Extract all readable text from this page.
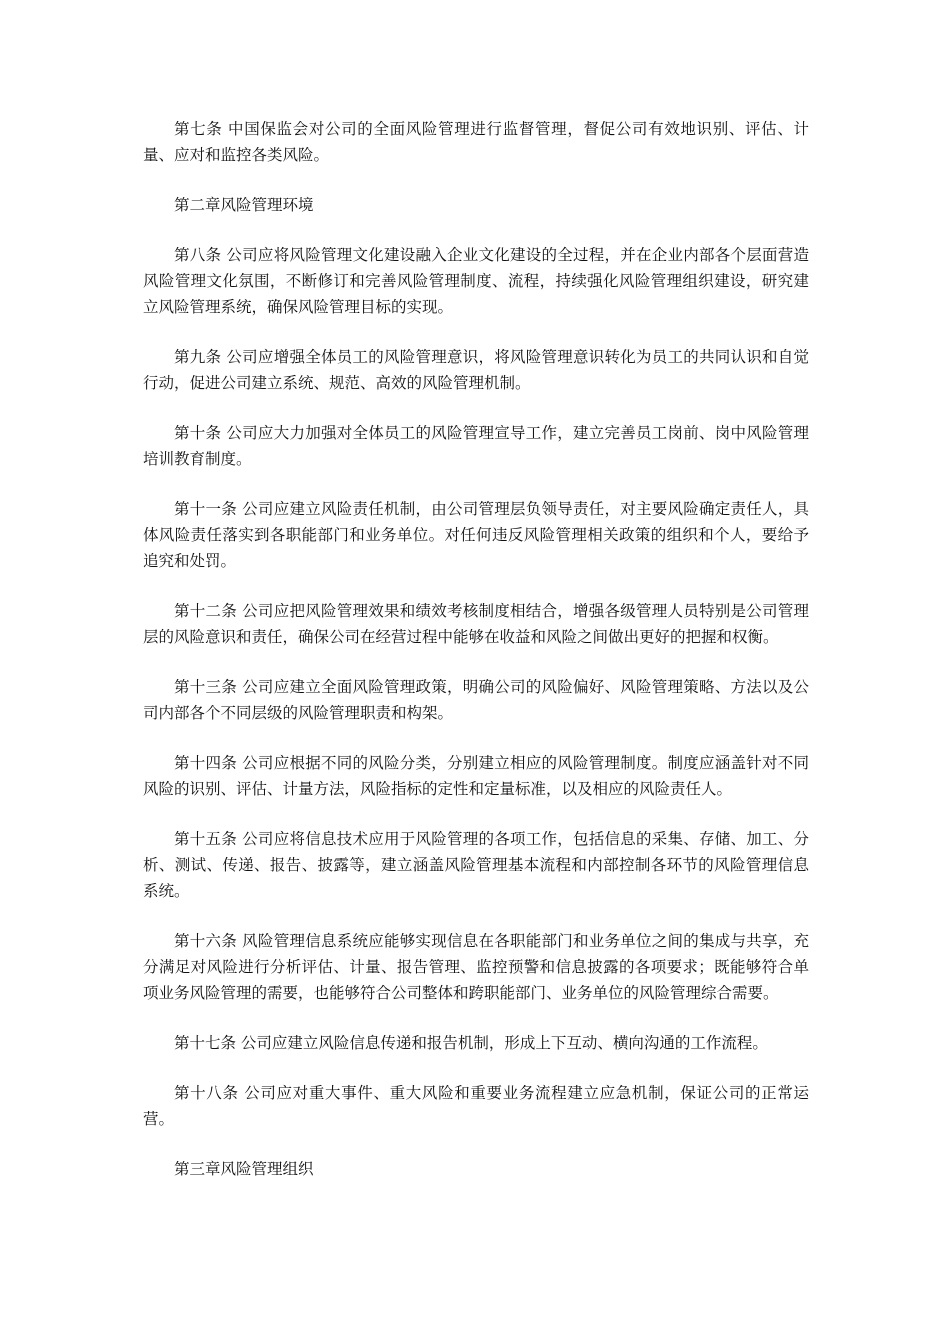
第七条 中国保监会对公司的全面风险管理进行监督管理，督促公司有效地识别、评估、计量、应对和监控各类风险。

第二章风险管理环境

第八条 公司应将风险管理文化建设融入企业文化建设的全过程，并在企业内部各个层面营造风险管理文化氛围，不断修订和完善风险管理制度、流程，持续强化风险管理组织建设，研究建立风险管理系统，确保风险管理目标的实现。

第九条 公司应增强全体员工的风险管理意识，将风险管理意识转化为员工的共同认识和自觉行动，促进公司建立系统、规范、高效的风险管理机制。

第十条 公司应大力加强对全体员工的风险管理宣导工作，建立完善员工岗前、岗中风险管理培训教育制度。

第十一条 公司应建立风险责任机制，由公司管理层负领导责任，对主要风险确定责任人，具体风险责任落实到各职能部门和业务单位。对任何违反风险管理相关政策的组织和个人，要给予追究和处罚。

第十二条 公司应把风险管理效果和绩效考核制度相结合，增强各级管理人员特别是公司管理层的风险意识和责任，确保公司在经营过程中能够在收益和风险之间做出更好的把握和权衡。

第十三条 公司应建立全面风险管理政策，明确公司的风险偏好、风险管理策略、方法以及公司内部各个不同层级的风险管理职责和构架。

第十四条 公司应根据不同的风险分类，分别建立相应的风险管理制度。制度应涵盖针对不同风险的识别、评估、计量方法，风险指标的定性和定量标准，以及相应的风险责任人。

第十五条 公司应将信息技术应用于风险管理的各项工作，包括信息的采集、存储、加工、分析、测试、传递、报告、披露等，建立涵盖风险管理基本流程和内部控制各环节的风险管理信息系统。

第十六条 风险管理信息系统应能够实现信息在各职能部门和业务单位之间的集成与共享，充分满足对风险进行分析评估、计量、报告管理、监控预警和信息披露的各项要求；既能够符合单项业务风险管理的需要，也能够符合公司整体和跨职能部门、业务单位的风险管理综合需要。

第十七条 公司应建立风险信息传递和报告机制，形成上下互动、横向沟通的工作流程。

第十八条 公司应对重大事件、重大风险和重要业务流程建立应急机制，保证公司的正常运营。

第三章风险管理组织
